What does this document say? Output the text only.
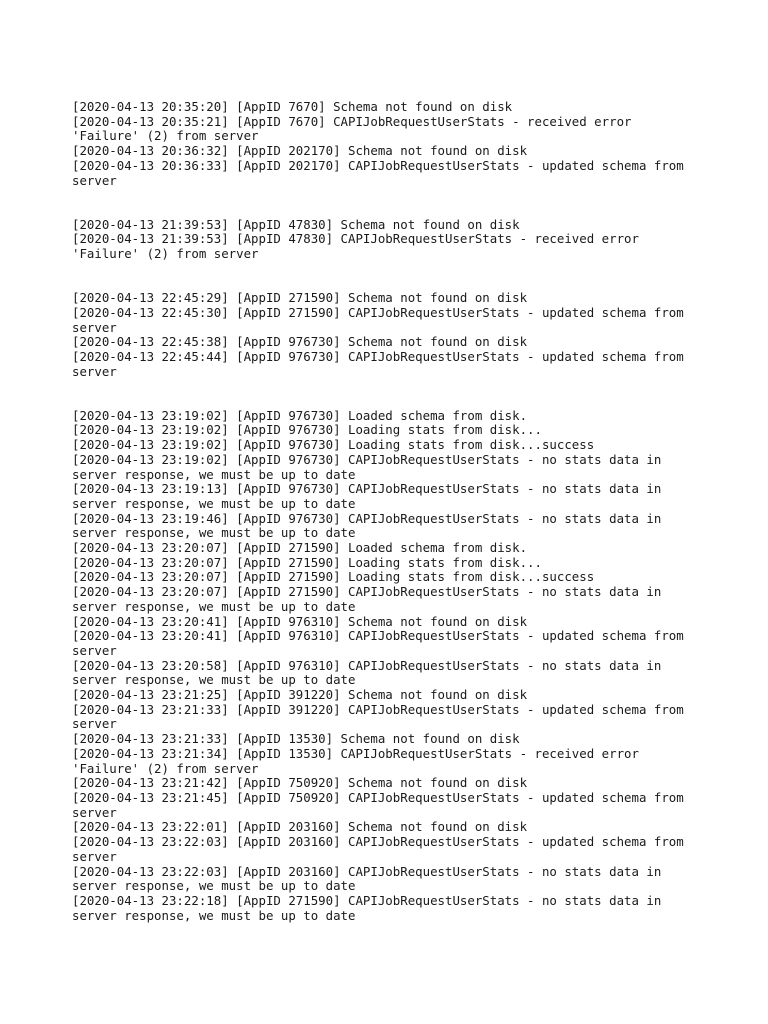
[2020-04-13 20:35:20] [AppID 7670] Schema not found on disk
[2020-04-13 20:35:21] [AppID 7670] CAPIJobRequestUserStats - received error
'Failure' (2) from server
[2020-04-13 20:36:32] [AppID 202170] Schema not found on disk
[2020-04-13 20:36:33] [AppID 202170] CAPIJobRequestUserStats - updated schema from
server
[2020-04-13 21:39:53] [AppID 47830] Schema not found on disk
[2020-04-13 21:39:53] [AppID 47830] CAPIJobRequestUserStats - received error
'Failure' (2) from server
[2020-04-13 22:45:29] [AppID 271590] Schema not found on disk
[2020-04-13 22:45:30] [AppID 271590] CAPIJobRequestUserStats - updated schema from
server
[2020-04-13 22:45:38] [AppID 976730] Schema not found on disk
[2020-04-13 22:45:44] [AppID 976730] CAPIJobRequestUserStats - updated schema from
server
[2020-04-13 23:19:02] [AppID 976730] Loaded schema from disk.
[2020-04-13 23:19:02] [AppID 976730] Loading stats from disk...
[2020-04-13 23:19:02] [AppID 976730] Loading stats from disk...success
[2020-04-13 23:19:02] [AppID 976730] CAPIJobRequestUserStats - no stats data in
server response, we must be up to date
[2020-04-13 23:19:13] [AppID 976730] CAPIJobRequestUserStats - no stats data in
server response, we must be up to date
[2020-04-13 23:19:46] [AppID 976730] CAPIJobRequestUserStats - no stats data in
server response, we must be up to date
[2020-04-13 23:20:07] [AppID 271590] Loaded schema from disk.
[2020-04-13 23:20:07] [AppID 271590] Loading stats from disk...
[2020-04-13 23:20:07] [AppID 271590] Loading stats from disk...success
[2020-04-13 23:20:07] [AppID 271590] CAPIJobRequestUserStats - no stats data in
server response, we must be up to date
[2020-04-13 23:20:41] [AppID 976310] Schema not found on disk
[2020-04-13 23:20:41] [AppID 976310] CAPIJobRequestUserStats - updated schema from
server
[2020-04-13 23:20:58] [AppID 976310] CAPIJobRequestUserStats - no stats data in
server response, we must be up to date
[2020-04-13 23:21:25] [AppID 391220] Schema not found on disk
[2020-04-13 23:21:33] [AppID 391220] CAPIJobRequestUserStats - updated schema from
server
[2020-04-13 23:21:33] [AppID 13530] Schema not found on disk
[2020-04-13 23:21:34] [AppID 13530] CAPIJobRequestUserStats - received error
'Failure' (2) from server
[2020-04-13 23:21:42] [AppID 750920] Schema not found on disk
[2020-04-13 23:21:45] [AppID 750920] CAPIJobRequestUserStats - updated schema from
server
[2020-04-13 23:22:01] [AppID 203160] Schema not found on disk
[2020-04-13 23:22:03] [AppID 203160] CAPIJobRequestUserStats - updated schema from
server
[2020-04-13 23:22:03] [AppID 203160] CAPIJobRequestUserStats - no stats data in
server response, we must be up to date
[2020-04-13 23:22:18] [AppID 271590] CAPIJobRequestUserStats - no stats data in
server response, we must be up to date
